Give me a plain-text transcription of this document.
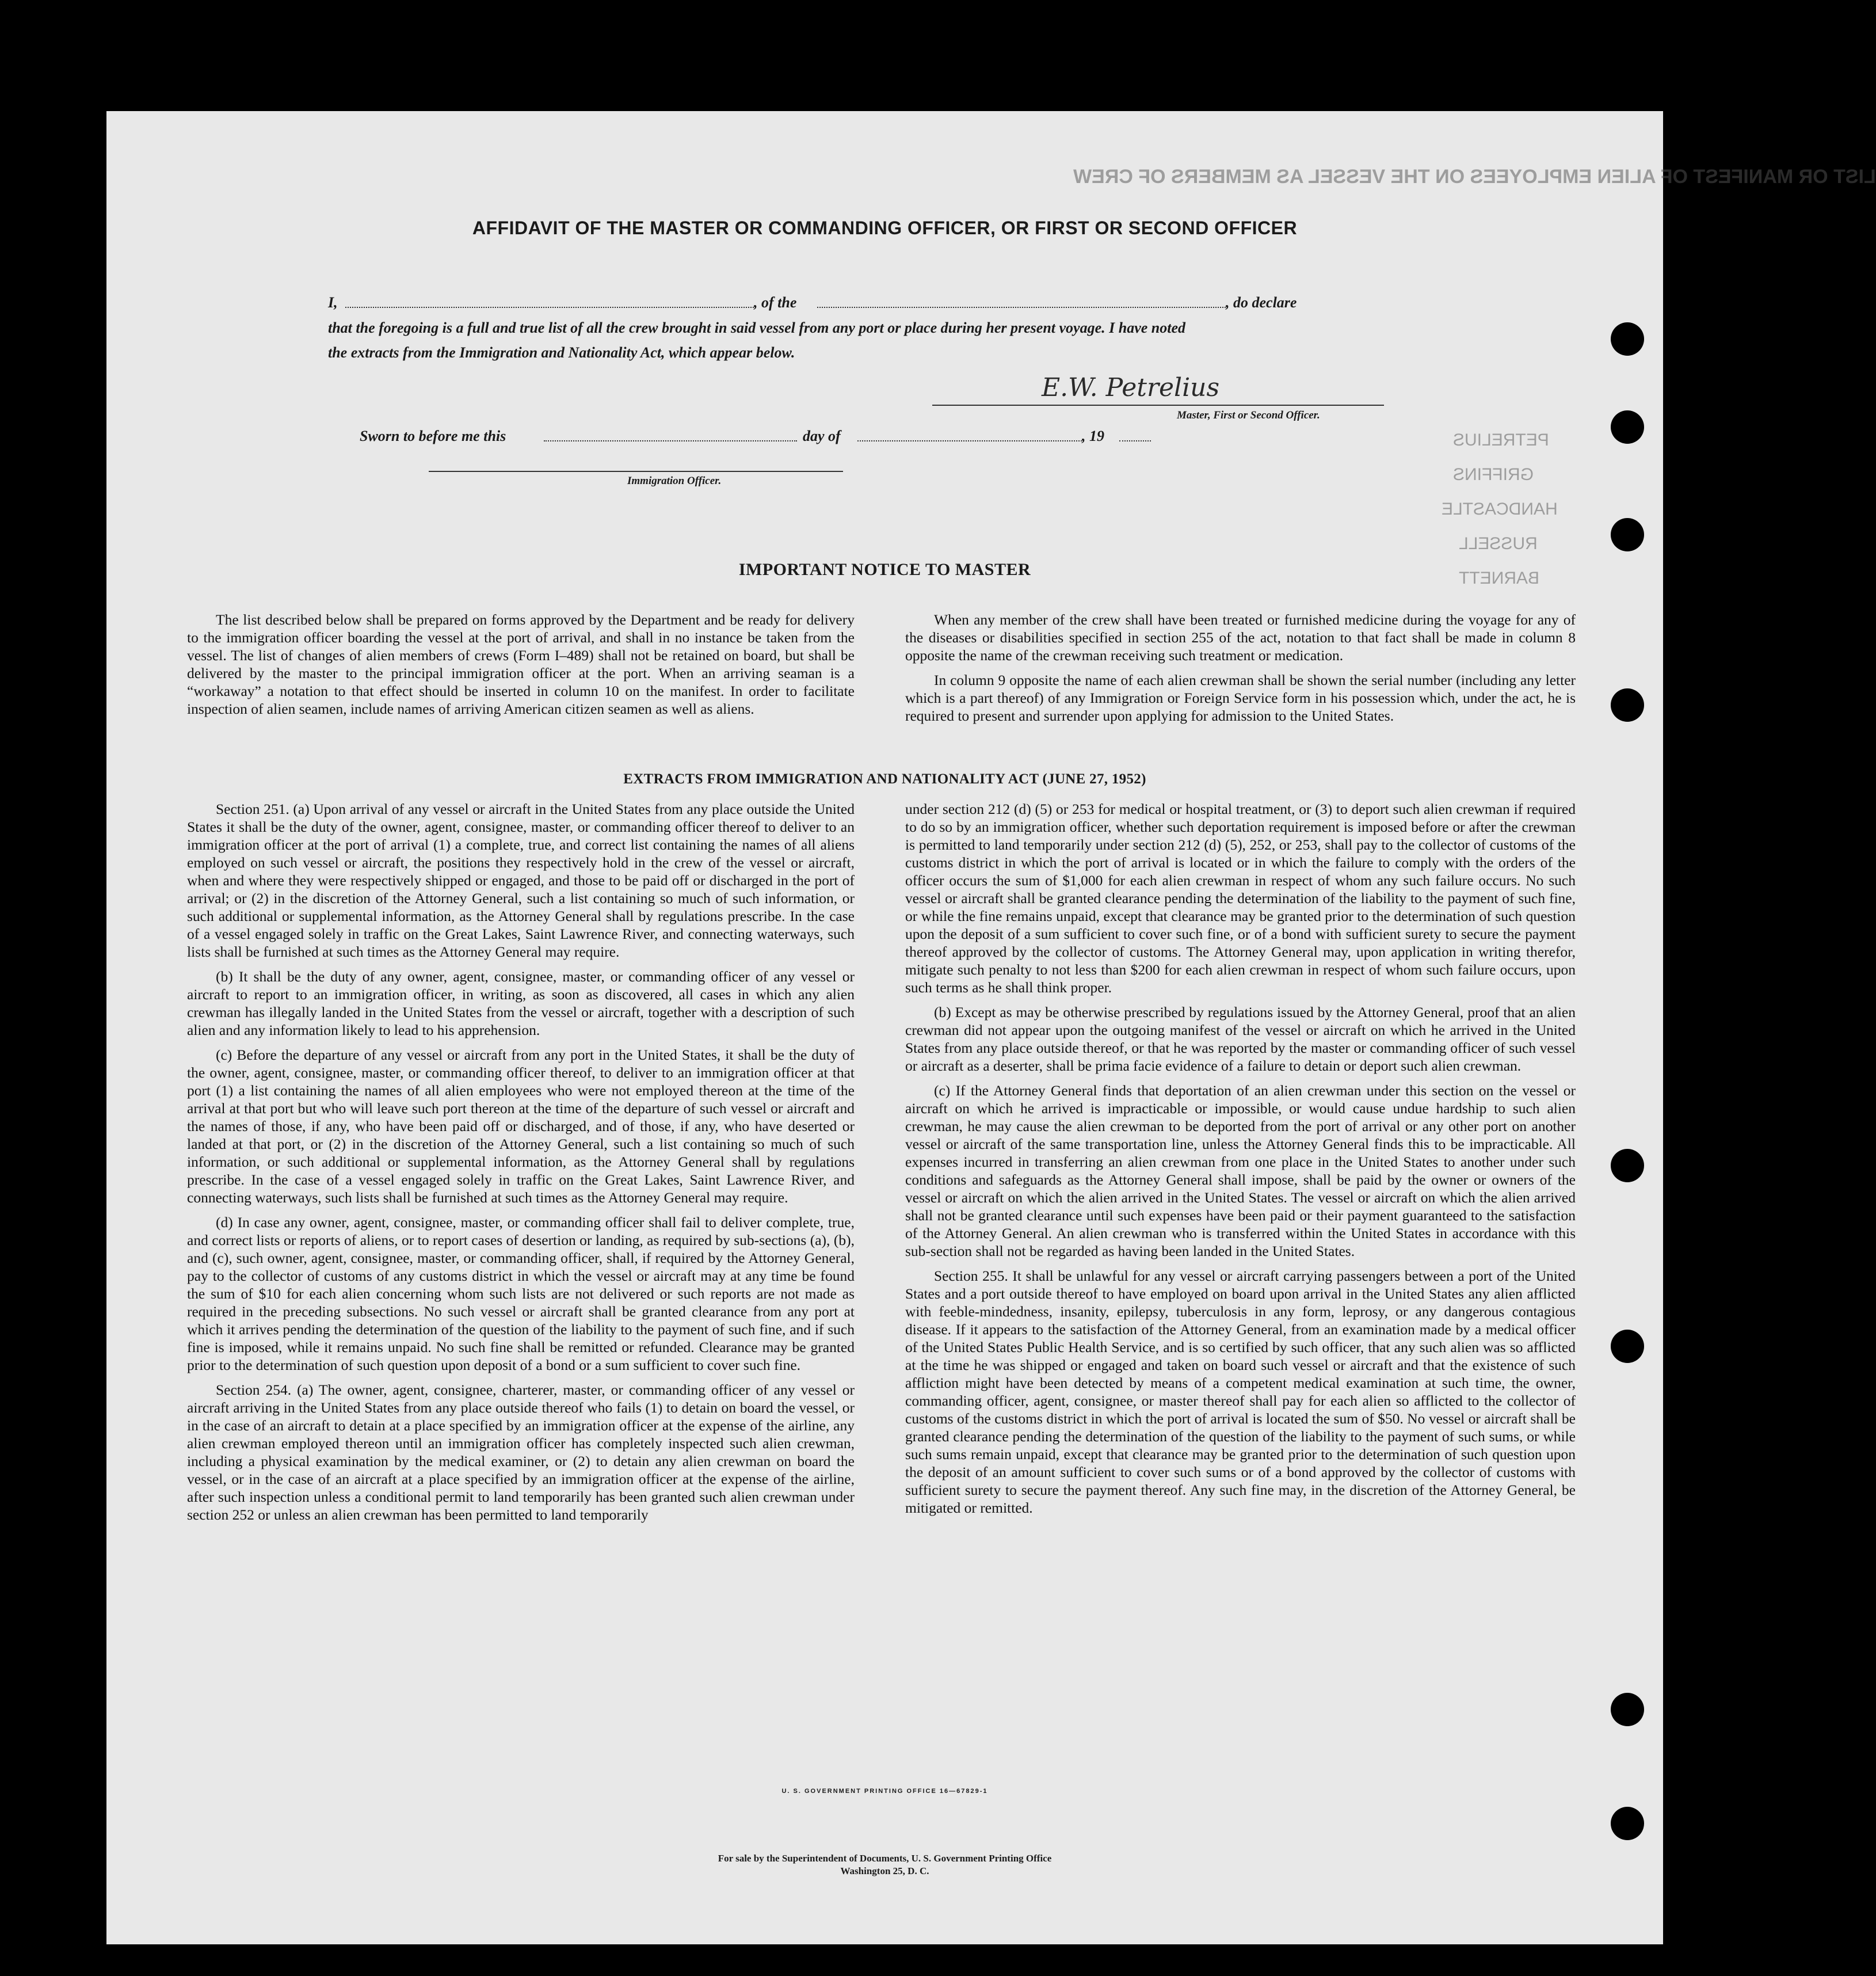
LIST OR MANIFEST OF ALIEN EMPLOYEES ON THE VESSEL AS MEMBERS OF CREW
PETRELIUS
GRIFFINS
HANDCASTLE
RUSSELL
BARNETT
AFFIDAVIT OF THE MASTER OR COMMANDING OFFICER, OR FIRST OR SECOND OFFICER
I,	, of the	, do declare
that the foregoing is a full and true list of all the crew brought in said vessel from any port or place during her present voyage. I have noted
the extracts from the Immigration and Nationality Act, which appear below.
E.W. Petrelius
Master, First or Second Officer.
Sworn to before me this	day of	, 19
Immigration Officer.
IMPORTANT NOTICE TO MASTER

The list described below shall be prepared on forms approved by the Department and be ready for delivery to the immigration officer boarding the vessel at the port of arrival, and shall in no instance be taken from the vessel. The list of changes of alien members of crews (Form I–489) shall not be retained on board, but shall be delivered by the master to the principal immigration officer at the port. When an arriving seaman is a “workaway” a notation to that effect should be inserted in column 10 on the manifest. In order to facilitate inspection of alien seamen, include names of arriving American citizen seamen as well as aliens.

When any member of the crew shall have been treated or furnished medicine during the voyage for any of the diseases or disabilities specified in section 255 of the act, notation to that fact shall be made in column 8 opposite the name of the crewman receiving such treatment or medication.

In column 9 opposite the name of each alien crewman shall be shown the serial number (including any letter which is a part thereof) of any Immigration or Foreign Service form in his possession which, under the act, he is required to present and surrender upon applying for admission to the United States.

EXTRACTS FROM IMMIGRATION AND NATIONALITY ACT (JUNE 27, 1952)

Section 251. (a) Upon arrival of any vessel or aircraft in the United States from any place outside the United States it shall be the duty of the owner, agent, consignee, master, or commanding officer thereof to deliver to an immigration officer at the port of arrival (1) a complete, true, and correct list containing the names of all aliens employed on such vessel or aircraft, the positions they respectively hold in the crew of the vessel or aircraft, when and where they were respectively shipped or engaged, and those to be paid off or discharged in the port of arrival; or (2) in the discretion of the Attorney General, such a list containing so much of such information, or such additional or supplemental information, as the Attorney General shall by regulations prescribe. In the case of a vessel engaged solely in traffic on the Great Lakes, Saint Lawrence River, and connecting waterways, such lists shall be furnished at such times as the Attorney General may require.

(b) It shall be the duty of any owner, agent, consignee, master, or commanding officer of any vessel or aircraft to report to an immigration officer, in writing, as soon as discovered, all cases in which any alien crewman has illegally landed in the United States from the vessel or aircraft, together with a description of such alien and any information likely to lead to his apprehension.

(c) Before the departure of any vessel or aircraft from any port in the United States, it shall be the duty of the owner, agent, consignee, master, or commanding officer thereof, to deliver to an immigration officer at that port (1) a list containing the names of all alien employees who were not employed thereon at the time of the arrival at that port but who will leave such port thereon at the time of the departure of such vessel or aircraft and the names of those, if any, who have been paid off or discharged, and of those, if any, who have deserted or landed at that port, or (2) in the discretion of the Attorney General, such a list containing so much of such information, or such additional or supplemental information, as the Attorney General shall by regulations prescribe. In the case of a vessel engaged solely in traffic on the Great Lakes, Saint Lawrence River, and connecting waterways, such lists shall be furnished at such times as the Attorney General may require.

(d) In case any owner, agent, consignee, master, or commanding officer shall fail to deliver complete, true, and correct lists or reports of aliens, or to report cases of desertion or landing, as required by sub-sections (a), (b), and (c), such owner, agent, consignee, master, or commanding officer, shall, if required by the Attorney General, pay to the collector of customs of any customs district in which the vessel or aircraft may at any time be found the sum of $10 for each alien concerning whom such lists are not delivered or such reports are not made as required in the preceding subsections. No such vessel or aircraft shall be granted clearance from any port at which it arrives pending the determination of the question of the liability to the payment of such fine, and if such fine is imposed, while it remains unpaid. No such fine shall be remitted or refunded. Clearance may be granted prior to the determination of such question upon deposit of a bond or a sum sufficient to cover such fine.

Section 254. (a) The owner, agent, consignee, charterer, master, or commanding officer of any vessel or aircraft arriving in the United States from any place outside thereof who fails (1) to detain on board the vessel, or in the case of an aircraft to detain at a place specified by an immigration officer at the expense of the airline, any alien crewman employed thereon until an immigration officer has completely inspected such alien crewman, including a physical examination by the medical examiner, or (2) to detain any alien crewman on board the vessel, or in the case of an aircraft at a place specified by an immigration officer at the expense of the airline, after such inspection unless a conditional permit to land temporarily has been granted such alien crewman under section 252 or unless an alien crewman has been permitted to land temporarily

under section 212 (d) (5) or 253 for medical or hospital treatment, or (3) to deport such alien crewman if required to do so by an immigration officer, whether such deportation requirement is imposed before or after the crewman is permitted to land temporarily under section 212 (d) (5), 252, or 253, shall pay to the collector of customs of the customs district in which the port of arrival is located or in which the failure to comply with the orders of the officer occurs the sum of $1,000 for each alien crewman in respect of whom any such failure occurs. No such vessel or aircraft shall be granted clearance pending the determination of the liability to the payment of such fine, or while the fine remains unpaid, except that clearance may be granted prior to the determination of such question upon the deposit of a sum sufficient to cover such fine, or of a bond with sufficient surety to secure the payment thereof approved by the collector of customs. The Attorney General may, upon application in writing therefor, mitigate such penalty to not less than $200 for each alien crewman in respect of whom such failure occurs, upon such terms as he shall think proper.

(b) Except as may be otherwise prescribed by regulations issued by the Attorney General, proof that an alien crewman did not appear upon the outgoing manifest of the vessel or aircraft on which he arrived in the United States from any place outside thereof, or that he was reported by the master or commanding officer of such vessel or aircraft as a deserter, shall be prima facie evidence of a failure to detain or deport such alien crewman.

(c) If the Attorney General finds that deportation of an alien crewman under this section on the vessel or aircraft on which he arrived is impracticable or impossible, or would cause undue hardship to such alien crewman, he may cause the alien crewman to be deported from the port of arrival or any other port on another vessel or aircraft of the same transportation line, unless the Attorney General finds this to be impracticable. All expenses incurred in transferring an alien crewman from one place in the United States to another under such conditions and safeguards as the Attorney General shall impose, shall be paid by the owner or owners of the vessel or aircraft on which the alien arrived in the United States. The vessel or aircraft on which the alien arrived shall not be granted clearance until such expenses have been paid or their payment guaranteed to the satisfaction of the Attorney General. An alien crewman who is transferred within the United States in accordance with this sub-section shall not be regarded as having been landed in the United States.

Section 255. It shall be unlawful for any vessel or aircraft carrying passengers between a port of the United States and a port outside thereof to have employed on board upon arrival in the United States any alien afflicted with feeble-mindedness, insanity, epilepsy, tuberculosis in any form, leprosy, or any dangerous contagious disease. If it appears to the satisfaction of the Attorney General, from an examination made by a medical officer of the United States Public Health Service, and is so certified by such officer, that any such alien was so afflicted at the time he was shipped or engaged and taken on board such vessel or aircraft and that the existence of such affliction might have been detected by means of a competent medical examination at such time, the owner, commanding officer, agent, consignee, or master thereof shall pay for each alien so afflicted to the collector of customs of the customs district in which the port of arrival is located the sum of $50. No vessel or aircraft shall be granted clearance pending the determination of the question of the liability to the payment of such sums, or while such sums remain unpaid, except that clearance may be granted prior to the determination of such question upon the deposit of an amount sufficient to cover such sums or of a bond approved by the collector of customs with sufficient surety to secure the payment thereof. Any such fine may, in the discretion of the Attorney General, be mitigated or remitted.

U. S. GOVERNMENT PRINTING OFFICE 16—67829-1
For sale by the Superintendent of Documents, U. S. Government Printing Office
Washington 25, D. C.
